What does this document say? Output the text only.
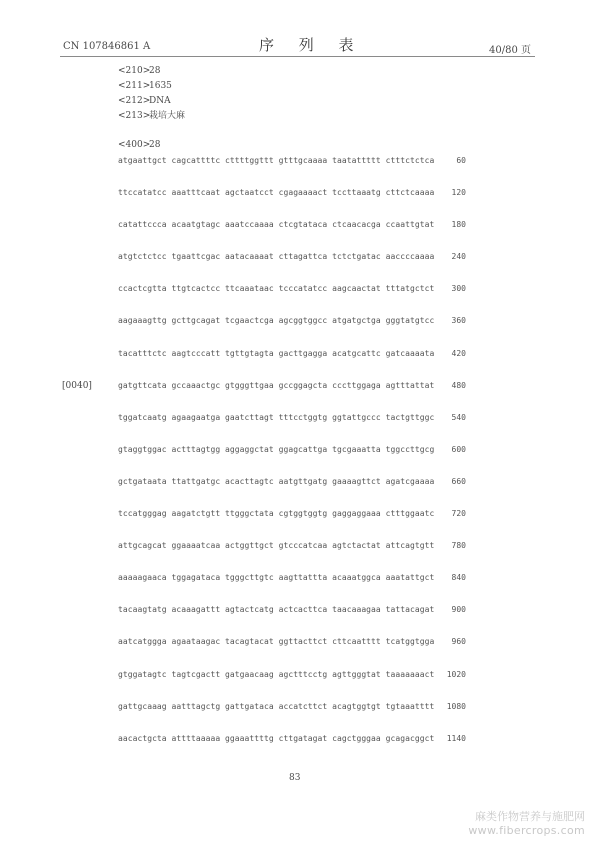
CN 107846861 A	序 列 表	40/80 页
<210>
28
<211>
1635
<212>
DNA
<213>
栽培大麻
<400>
28
atgaattgct cagcattttc cttttggttt gtttgcaaaa taatattttt ctttctctca	60
ttccatatcc aaatttcaat agctaatcct cgagaaaact tccttaaatg cttctcaaaa	120
catattccca acaatgtagc aaatccaaaa ctcgtataca ctcaacacga ccaattgtat	180
atgtctctcc tgaattcgac aatacaaaat cttagattca tctctgatac aaccccaaaa	240
ccactcgtta ttgtcactcc ttcaaataac tcccatatcc aagcaactat tttatgctct	300
aagaaagttg gcttgcagat tcgaactcga agcggtggcc atgatgctga gggtatgtcc	360
tacatttctc aagtcccatt tgttgtagta gacttgagga acatgcattc gatcaaaata	420
gatgttcata gccaaactgc gtgggttgaa gccggagcta cccttggaga agtttattat	480
tggatcaatg agaagaatga gaatcttagt tttcctggtg ggtattgccc tactgttggc	540
gtaggtggac actttagtgg aggaggctat ggagcattga tgcgaaatta tggccttgcg	600
gctgataata ttattgatgc acacttagtc aatgttgatg gaaaagttct agatcgaaaa	660
tccatgggag aagatctgtt ttgggctata cgtggtggtg gaggaggaaa ctttggaatc	720
attgcagcat ggaaaatcaa actggttgct gtcccatcaa agtctactat attcagtgtt	780
aaaaagaaca tggagataca tgggcttgtc aagttattta acaaatggca aaatattgct	840
tacaagtatg acaaagattt agtactcatg actcacttca taacaaagaa tattacagat	900
aatcatggga agaataagac tacagtacat ggttacttct cttcaatttt tcatggtgga	960
gtggatagtc tagtcgactt gatgaacaag agctttcctg agttgggtat taaaaaaact	1020
gattgcaaag aatttagctg gattgataca accatcttct acagtggtgt tgtaaatttt	1080
aacactgcta attttaaaaa ggaaattttg cttgatagat cagctgggaa gcagacggct	1140
[0040]
83
麻类作物营养与施肥网
www.fibercrops.com
